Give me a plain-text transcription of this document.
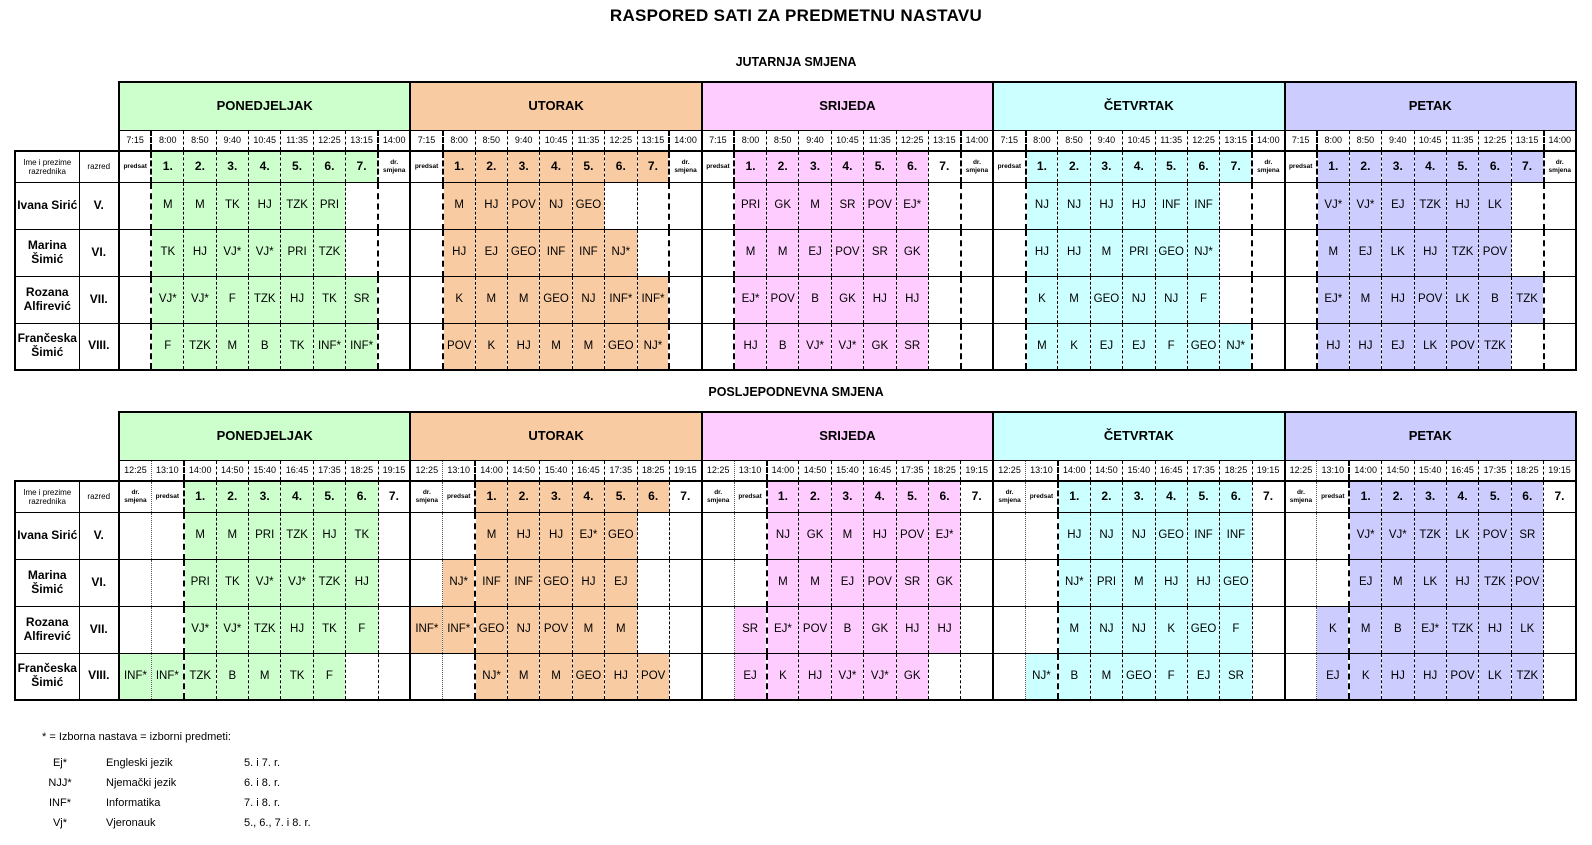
RASPORED SATI ZA PREDMETNU NASTAVU
JUTARNJA SMJENA
		PONEDJELJAK									UTORAK									SRIJEDA									ČETVRTAK									PETAK								
		7:15	8:00	8:50	9:40	10:45	11:35	12:25	13:15	14:00	7:15	8:00	8:50	9:40	10:45	11:35	12:25	13:15	14:00	7:15	8:00	8:50	9:40	10:45	11:35	12:25	13:15	14:00	7:15	8:00	8:50	9:40	10:45	11:35	12:25	13:15	14:00	7:15	8:00	8:50	9:40	10:45	11:35	12:25	13:15	14:00
Ime i prezime razrednika	razred	predsat	1.	2.	3.	4.	5.	6.	7.	dr. smjena	predsat	1.	2.	3.	4.	5.	6.	7.	dr. smjena	predsat	1.	2.	3.	4.	5.	6.	7.	dr. smjena	predsat	1.	2.	3.	4.	5.	6.	7.	dr. smjena	predsat	1.	2.	3.	4.	5.	6.	7.	dr. smjena
Ivana Sirić	V.		M	M	TK	HJ	TZK	PRI				M	HJ	POV	NJ	GEO					PRI	GK	M	SR	POV	EJ*				NJ	NJ	HJ	HJ	INF	INF				VJ*	VJ*	EJ	TZK	HJ	LK		
Marina Šimić	VI.		TK	HJ	VJ*	VJ*	PRI	TZK				HJ	EJ	GEO	INF	INF	NJ*				M	M	EJ	POV	SR	GK				HJ	HJ	M	PRI	GEO	NJ*				M	EJ	LK	HJ	TZK	POV		
Rozana Alfirević	VII.		VJ*	VJ*	F	TZK	HJ	TK	SR			K	M	M	GEO	NJ	INF*	INF*			EJ*	POV	B	GK	HJ	HJ				K	M	GEO	NJ	NJ	F				EJ*	M	HJ	POV	LK	B	TZK	
Frančeska Šimić	VIII.		F	TZK	M	B	TK	INF*	INF*			POV	K	HJ	M	M	GEO	NJ*			HJ	B	VJ*	VJ*	GK	SR				M	K	EJ	EJ	F	GEO	NJ*			HJ	HJ	EJ	LK	POV	TZK		
POSLJEPODNEVNA SMJENA
		PONEDJELJAK									UTORAK									SRIJEDA									ČETVRTAK									PETAK								
		12:25	13:10	14:00	14:50	15:40	16:45	17:35	18:25	19:15	12:25	13:10	14:00	14:50	15:40	16:45	17:35	18:25	19:15	12:25	13:10	14:00	14:50	15:40	16:45	17:35	18:25	19:15	12:25	13:10	14:00	14:50	15:40	16:45	17:35	18:25	19:15	12:25	13:10	14:00	14:50	15:40	16:45	17:35	18:25	19:15
Ime i prezime razrednika	razred	dr. smjena	predsat	1.	2.	3.	4.	5.	6.	7.	dr. smjena	predsat	1.	2.	3.	4.	5.	6.	7.	dr. smjena	predsat	1.	2.	3.	4.	5.	6.	7.	dr. smjena	predsat	1.	2.	3.	4.	5.	6.	7.	dr. smjena	predsat	1.	2.	3.	4.	5.	6.	7.
Ivana Sirić	V.			M	M	PRI	TZK	HJ	TK				M	HJ	HJ	EJ*	GEO					NJ	GK	M	HJ	POV	EJ*				HJ	NJ	NJ	GEO	INF	INF				VJ*	VJ*	TZK	LK	POV	SR	
Marina Šimić	VI.			PRI	TK	VJ*	VJ*	TZK	HJ			NJ*	INF	INF	GEO	HJ	EJ					M	M	EJ	POV	SR	GK				NJ*	PRI	M	HJ	HJ	GEO				EJ	M	LK	HJ	TZK	POV	
Rozana Alfirević	VII.			VJ*	VJ*	TZK	HJ	TK	F		INF*	INF*	GEO	NJ	POV	M	M				SR	EJ*	POV	B	GK	HJ	HJ				M	NJ	NJ	K	GEO	F			K	M	B	EJ*	TZK	HJ	LK	
Frančeska Šimić	VIII.	INF*	INF*	TZK	B	M	TK	F					NJ*	M	M	GEO	HJ	POV			EJ	K	HJ	VJ*	VJ*	GK				NJ*	B	M	GEO	F	EJ	SR			EJ	K	HJ	HJ	POV	LK	TZK	
* = Izborna nastava = izborni predmeti:
Ej*	Engleski jezik	5. i 7. r.
NJJ*	Njemački jezik	6. i 8. r.
INF*	Informatika	7. i 8. r.
Vj*	Vjeronauk	5., 6., 7. i 8. r.
